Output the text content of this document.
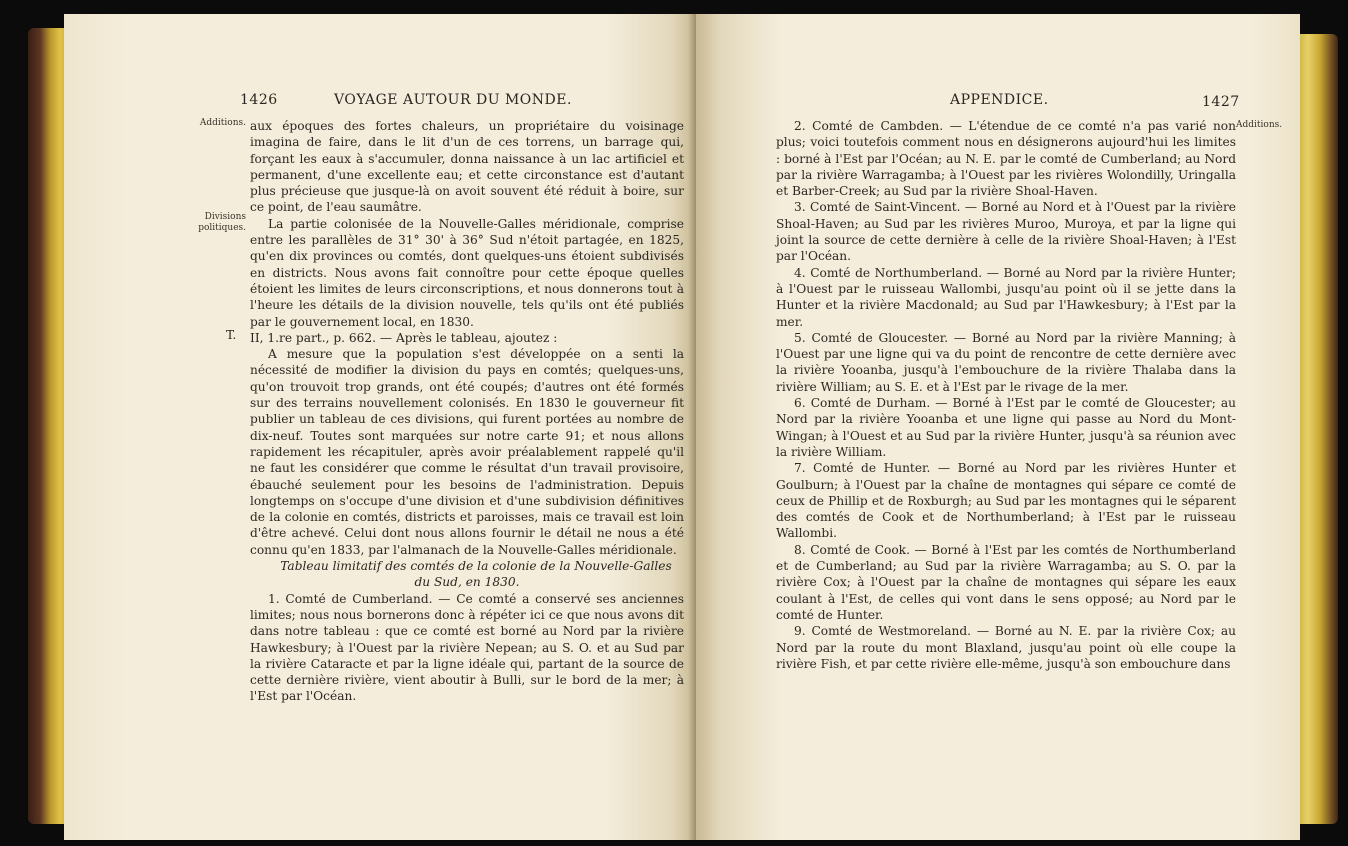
1426	VOYAGE AUTOUR DU MONDE.
Additions.
Divisions politiques.
T.

aux époques des fortes chaleurs, un propriétaire du voisinage imagina de faire, dans le lit d'un de ces torrens, un barrage qui, forçant les eaux à s'accumuler, donna naissance à un lac artificiel et permanent, d'une excellente eau; et cette circonstance est d'autant plus précieuse que jusque-là on avoit souvent été réduit à boire, sur ce point, de l'eau saumâtre.

La partie colonisée de la Nouvelle-Galles méridionale, comprise entre les parallèles de 31° 30' à 36° Sud n'étoit partagée, en 1825, qu'en dix provinces ou comtés, dont quelques-uns étoient subdivisés en districts. Nous avons fait connoître pour cette époque quelles étoient les limites de leurs circonscriptions, et nous donnerons tout à l'heure les détails de la division nouvelle, tels qu'ils ont été publiés par le gouvernement local, en 1830.

II, 1.re part., p. 662. — Après le tableau, ajoutez :

A mesure que la population s'est développée on a senti la nécessité de modifier la division du pays en comtés; quelques-uns, qu'on trouvoit trop grands, ont été coupés; d'autres ont été formés sur des terrains nouvellement colonisés. En 1830 le gouverneur fit publier un tableau de ces divisions, qui furent portées au nombre de dix-neuf. Toutes sont marquées sur notre carte 91; et nous allons rapidement les récapituler, après avoir préalablement rappelé qu'il ne faut les considérer que comme le résultat d'un travail provisoire, ébauché seulement pour les besoins de l'administration. Depuis longtemps on s'occupe d'une division et d'une subdivision définitives de la colonie en comtés, districts et paroisses, mais ce travail est loin d'être achevé. Celui dont nous allons fournir le détail ne nous a été connu qu'en 1833, par l'almanach de la Nouvelle-Galles méridionale.

Tableau limitatif des comtés de la colonie de la Nouvelle-Galles
du Sud, en 1830.

1. Comté de Cumberland. — Ce comté a conservé ses anciennes limites; nous nous bornerons donc à répéter ici ce que nous avons dit dans notre tableau : que ce comté est borné au Nord par la rivière Hawkesbury; à l'Ouest par la rivière Nepean; au S. O. et au Sud par la rivière Cataracte et par la ligne idéale qui, partant de la source de cette dernière rivière, vient aboutir à Bulli, sur le bord de la mer; à l'Est par l'Océan.

APPENDICE.	1427
Additions.

2. Comté de Cambden. — L'étendue de ce comté n'a pas varié non plus; voici toutefois comment nous en désignerons aujourd'hui les limites : borné à l'Est par l'Océan; au N. E. par le comté de Cumberland; au Nord par la rivière Warragamba; à l'Ouest par les rivières Wolondilly, Uringalla et Barber-Creek; au Sud par la rivière Shoal-Haven.

3. Comté de Saint-Vincent. — Borné au Nord et à l'Ouest par la rivière Shoal-Haven; au Sud par les rivières Muroo, Muroya, et par la ligne qui joint la source de cette dernière à celle de la rivière Shoal-Haven; à l'Est par l'Océan.

4. Comté de Northumberland. — Borné au Nord par la rivière Hunter; à l'Ouest par le ruisseau Wallombi, jusqu'au point où il se jette dans la Hunter et la rivière Macdonald; au Sud par l'Hawkesbury; à l'Est par la mer.

5. Comté de Gloucester. — Borné au Nord par la rivière Manning; à l'Ouest par une ligne qui va du point de rencontre de cette dernière avec la rivière Yooanba, jusqu'à l'embouchure de la rivière Thalaba dans la rivière William; au S. E. et à l'Est par le rivage de la mer.

6. Comté de Durham. — Borné à l'Est par le comté de Gloucester; au Nord par la rivière Yooanba et une ligne qui passe au Nord du Mont-Wingan; à l'Ouest et au Sud par la rivière Hunter, jusqu'à sa réunion avec la rivière William.

7. Comté de Hunter. — Borné au Nord par les rivières Hunter et Goulburn; à l'Ouest par la chaîne de montagnes qui sépare ce comté de ceux de Phillip et de Roxburgh; au Sud par les montagnes qui le séparent des comtés de Cook et de Northumberland; à l'Est par le ruisseau Wallombi.

8. Comté de Cook. — Borné à l'Est par les comtés de Northumberland et de Cumberland; au Sud par la rivière Warragamba; au S. O. par la rivière Cox; à l'Ouest par la chaîne de montagnes qui sépare les eaux coulant à l'Est, de celles qui vont dans le sens opposé; au Nord par le comté de Hunter.

9. Comté de Westmoreland. — Borné au N. E. par la rivière Cox; au Nord par la route du mont Blaxland, jusqu'au point où elle coupe la rivière Fish, et par cette rivière elle-même, jusqu'à son embouchure dans
